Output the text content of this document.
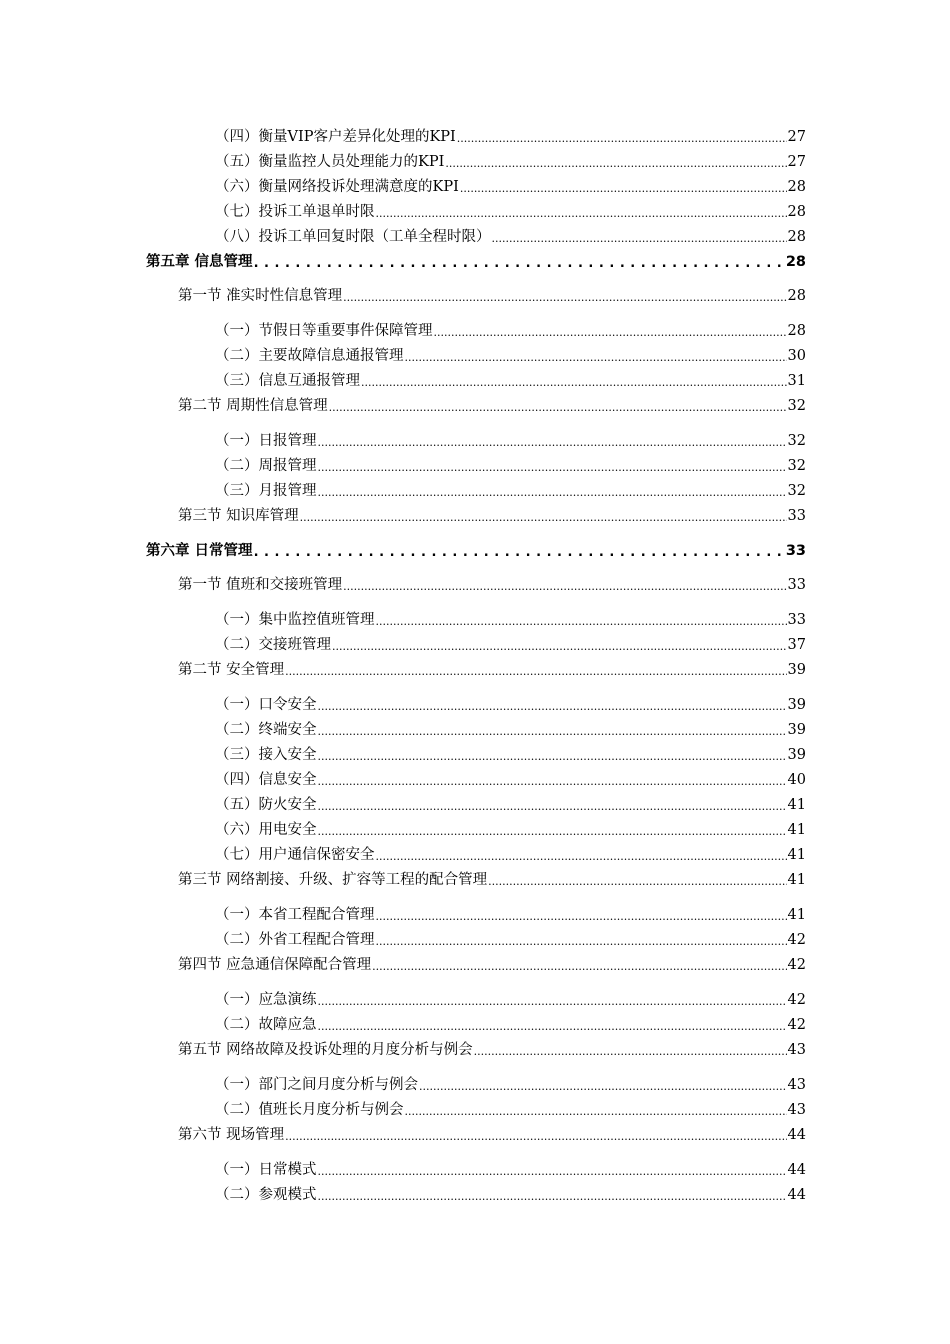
（四）衡量VIP客户差异化处理的KPI .....	27
（五）衡量监控人员处理能力的KPI .....	27
（六）衡量网络投诉处理满意度的KPI .....	28
（七）投诉工单退单时限 .....	28
（八）投诉工单回复时限（工单全程时限） .....	28
第五章 信息管理 . . .	28
第一节 准实时性信息管理 .....	28
（一）节假日等重要事件保障管理 .....	28
（二）主要故障信息通报管理 .....	30
（三）信息互通报管理 .....	31
第二节 周期性信息管理 .....	32
（一）日报管理 .....	32
（二）周报管理 .....	32
（三）月报管理 .....	32
第三节 知识库管理 .....	33
第六章 日常管理 . . .	33
第一节 值班和交接班管理 .....	33
（一）集中监控值班管理 .....	33
（二）交接班管理 .....	37
第二节 安全管理 .....	39
（一）口令安全 .....	39
（二）终端安全 .....	39
（三）接入安全 .....	39
（四）信息安全 .....	40
（五）防火安全 .....	41
（六）用电安全 .....	41
（七）用户通信保密安全 .....	41
第三节 网络割接、升级、扩容等工程的配合管理 .....	41
（一）本省工程配合管理 .....	41
（二）外省工程配合管理 .....	42
第四节 应急通信保障配合管理 .....	42
（一）应急演练 .....	42
（二）故障应急 .....	42
第五节 网络故障及投诉处理的月度分析与例会 .....	43
（一）部门之间月度分析与例会 .....	43
（二）值班长月度分析与例会 .....	43
第六节 现场管理 .....	44
（一）日常模式 .....	44
（二）参观模式 .....	44
